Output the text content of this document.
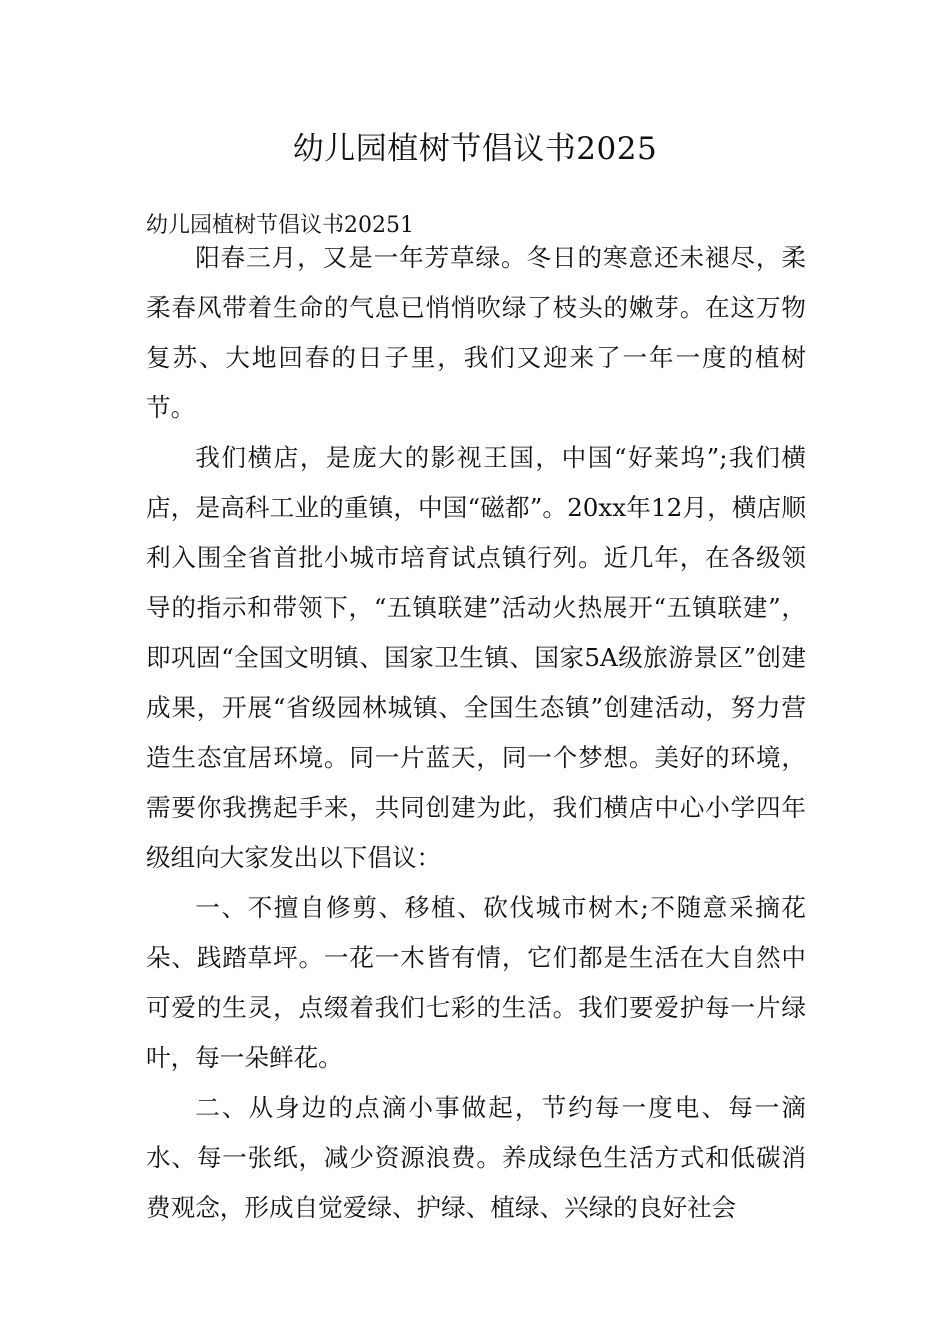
幼儿园植树节倡议书2025
幼儿园植树节倡议书20251

阳春三月，又是一年芳草绿。冬日的寒意还未褪尽，柔柔春风带着生命的气息已悄悄吹绿了枝头的嫩芽。在这万物复苏、大地回春的日子里，我们又迎来了一年一度的植树节。

我们横店，是庞大的影视王国，中国“好莱坞”;我们横店，是高科工业的重镇，中国“磁都”。20xx年12月，横店顺利入围全省首批小城市培育试点镇行列。近几年，在各级领导的指示和带领下，“五镇联建”活动火热展开“五镇联建”，即巩固“全国文明镇、国家卫生镇、国家5A级旅游景区”创建成果，开展“省级园林城镇、全国生态镇”创建活动，努力营造生态宜居环境。同一片蓝天，同一个梦想。美好的环境，需要你我携起手来，共同创建为此，我们横店中心小学四年级组向大家发出以下倡议：

一、不擅自修剪、移植、砍伐城市树木;不随意采摘花朵、践踏草坪。一花一木皆有情，它们都是生活在大自然中可爱的生灵，点缀着我们七彩的生活。我们要爱护每一片绿叶，每一朵鲜花。

二、从身边的点滴小事做起，节约每一度电、每一滴水、每一张纸，减少资源浪费。养成绿色生活方式和低碳消费观念，形成自觉爱绿、护绿、植绿、兴绿的良好社会
